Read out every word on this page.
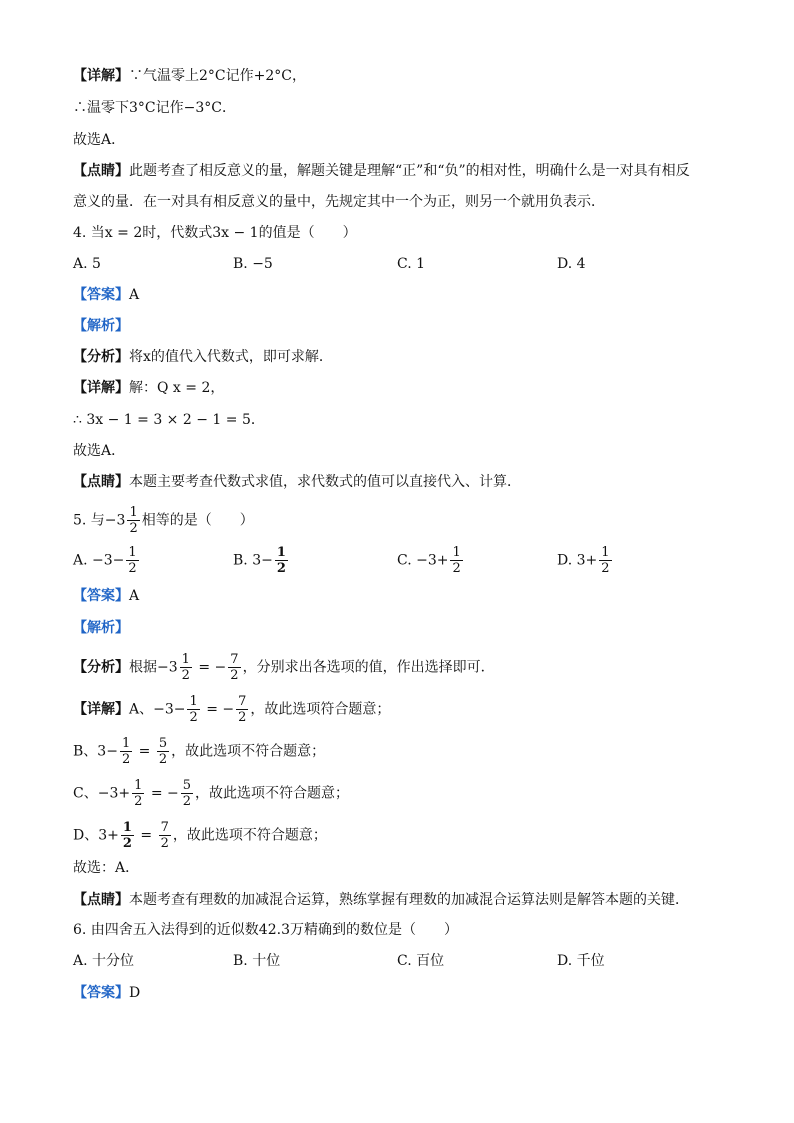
【详解】∵气温零上2°C记作+2°C，
∴温零下3°C记作−3°C．
故选A．
【点睛】此题考查了相反意义的量，解题关键是理解“正”和“负”的相对性，明确什么是一对具有相反
意义的量．在一对具有相反意义的量中，先规定其中一个为正，则另一个就用负表示．
4. 当x = 2时，代数式3x − 1的值是（　　）
A. 5	B. −5	C. 1	D. 4
【答案】A
【解析】
【分析】将x的值代入代数式，即可求解．
【详解】解：Q x = 2，
∴ 3x − 1 = 3 × 2 − 1 = 5．
故选A．
【点睛】本题主要考查代数式求值，求代数式的值可以直接代入、计算．
5. 与$-3 \frac{1}{2}$ 相等的是（　　）
A. $-3- \frac{1}{2}$	B. $3- \frac{1}{2}$	C. $-3+ \frac{1}{2}$	D. $3+ \frac{1}{2}$
【答案】A
【解析】
【分析】根据$-3 \frac{1}{2}$ = − $\frac{7}{2}$ ，分别求出各选项的值，作出选择即可．
【详解】A、$-3- \frac{1}{2}$ = − $\frac{7}{2}$ ，故此选项符合题意；
B、$3- \frac{1}{2} = \frac{5}{2}$ ，故此选项不符合题意；
C、$-3+ \frac{1}{2}$ = − $\frac{5}{2}$ ，故此选项不符合题意；
D、$3+ \frac{1}{2} = \frac{7}{2}$ ，故此选项不符合题意；
故选：A．
【点睛】本题考查有理数的加减混合运算，熟练掌握有理数的加减混合运算法则是解答本题的关键．
6. 由四舍五入法得到的近似数42.3万精确到的数位是（　　）
A. 十分位	B. 十位	C. 百位	D. 千位
【答案】D
